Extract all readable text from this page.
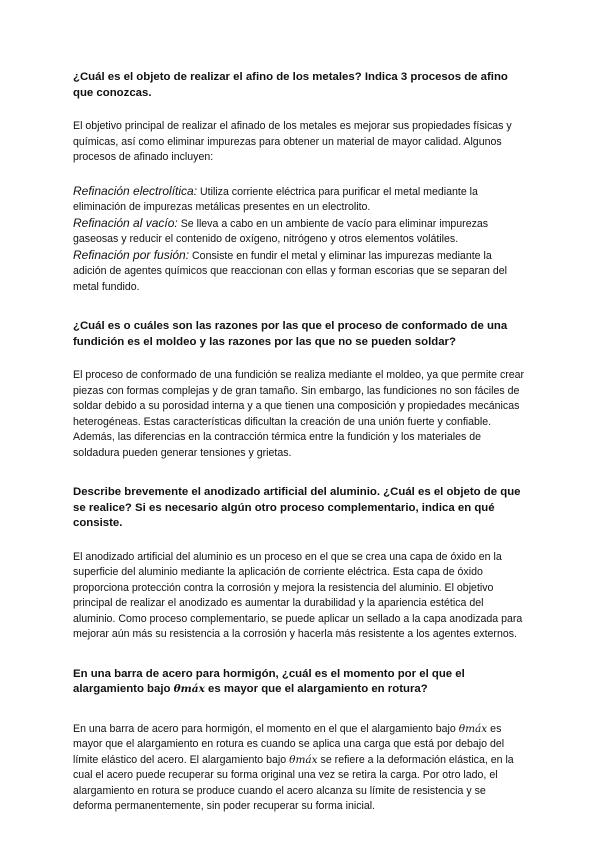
¿Cuál es el objeto de realizar el afino de los metales? Indica 3 procesos de afino que conozcas.

El objetivo principal de realizar el afinado de los metales es mejorar sus propiedades físicas y químicas, así como eliminar impurezas para obtener un material de mayor calidad. Algunos procesos de afinado incluyen:

Refinación electrolítica: Utiliza corriente eléctrica para purificar el metal mediante la eliminación de impurezas metálicas presentes en un electrolito.

Refinación al vacío: Se lleva a cabo en un ambiente de vacío para eliminar impurezas gaseosas y reducir el contenido de oxígeno, nitrógeno y otros elementos volátiles.

Refinación por fusión: Consiste en fundir el metal y eliminar las impurezas mediante la adición de agentes químicos que reaccionan con ellas y forman escorias que se separan del metal fundido.

¿Cuál es o cuáles son las razones por las que el proceso de conformado de una fundición es el moldeo y las razones por las que no se pueden soldar?

El proceso de conformado de una fundición se realiza mediante el moldeo, ya que permite crear piezas con formas complejas y de gran tamaño. Sin embargo, las fundiciones no son fáciles de soldar debido a su porosidad interna y a que tienen una composición y propiedades mecánicas heterogéneas. Estas características dificultan la creación de una unión fuerte y confiable. Además, las diferencias en la contracción térmica entre la fundición y los materiales de soldadura pueden generar tensiones y grietas.

Describe brevemente el anodizado artificial del aluminio. ¿Cuál es el objeto de que se realice? Si es necesario algún otro proceso complementario, indica en qué consiste.

El anodizado artificial del aluminio es un proceso en el que se crea una capa de óxido en la superficie del aluminio mediante la aplicación de corriente eléctrica. Esta capa de óxido proporciona protección contra la corrosión y mejora la resistencia del aluminio. El objetivo principal de realizar el anodizado es aumentar la durabilidad y la apariencia estética del aluminio. Como proceso complementario, se puede aplicar un sellado a la capa anodizada para mejorar aún más su resistencia a la corrosión y hacerla más resistente a los agentes externos.

En una barra de acero para hormigón, ¿cuál es el momento por el que el alargamiento bajo θmáx es mayor que el alargamiento en rotura?

En una barra de acero para hormigón, el momento en el que el alargamiento bajo θmáx es mayor que el alargamiento en rotura es cuando se aplica una carga que está por debajo del límite elástico del acero. El alargamiento bajo θmáx se refiere a la deformación elástica, en la cual el acero puede recuperar su forma original una vez se retira la carga. Por otro lado, el alargamiento en rotura se produce cuando el acero alcanza su límite de resistencia y se deforma permanentemente, sin poder recuperar su forma inicial.
